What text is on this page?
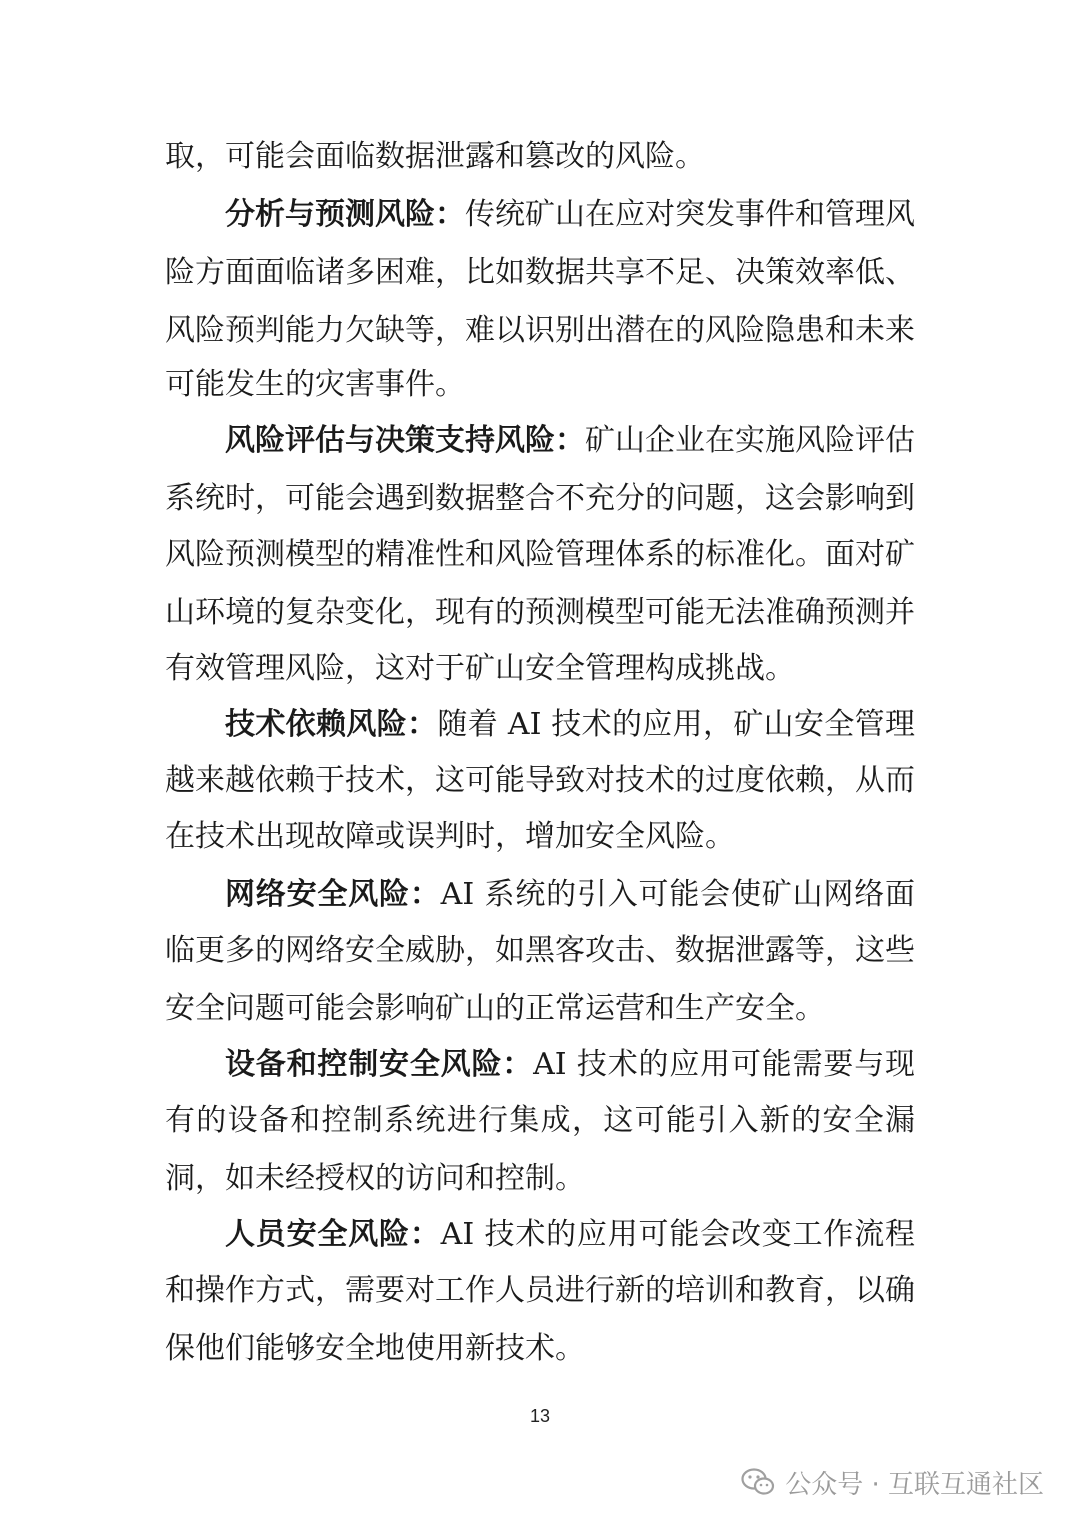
取，可能会面临数据泄露和篡改的风险。
分析与预测风险：传统矿山在应对突发事件和管理风
险方面面临诸多困难，比如数据共享不足、决策效率低、
风险预判能力欠缺等，难以识别出潜在的风险隐患和未来
可能发生的灾害事件。
风险评估与决策支持风险：矿山企业在实施风险评估
系统时，可能会遇到数据整合不充分的问题，这会影响到
风险预测模型的精准性和风险管理体系的标准化。面对矿
山环境的复杂变化，现有的预测模型可能无法准确预测并
有效管理风险，这对于矿山安全管理构成挑战。
技术依赖风险：随着 AI 技术的应用，矿山安全管理
越来越依赖于技术，这可能导致对技术的过度依赖，从而
在技术出现故障或误判时，增加安全风险。
网络安全风险：AI 系统的引入可能会使矿山网络面
临更多的网络安全威胁，如黑客攻击、数据泄露等，这些
安全问题可能会影响矿山的正常运营和生产安全。
设备和控制安全风险：AI 技术的应用可能需要与现
有的设备和控制系统进行集成，这可能引入新的安全漏
洞，如未经授权的访问和控制。
人员安全风险：AI 技术的应用可能会改变工作流程
和操作方式，需要对工作人员进行新的培训和教育，以确
保他们能够安全地使用新技术。
13
公众号 · 互联互通社区
